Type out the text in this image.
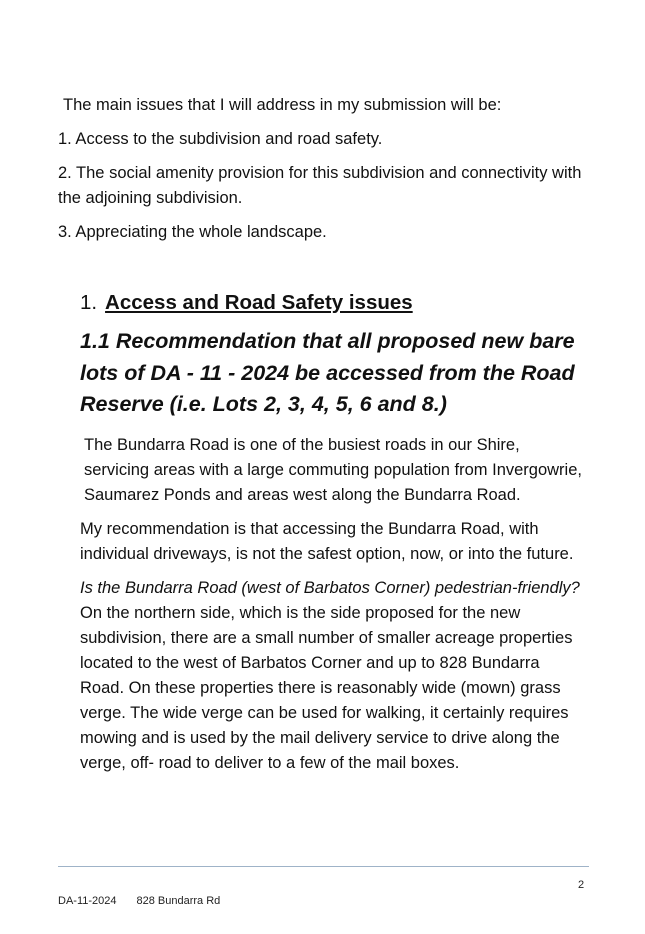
The main issues that I will address in my submission will be:

1. Access to the subdivision and road safety.

2. The social amenity provision for this subdivision and connectivity with the adjoining subdivision.

3. Appreciating the whole landscape.

1. Access and Road Safety issues
1.1 Recommendation that all proposed new bare lots of DA - 11 - 2024 be accessed from the Road Reserve (i.e. Lots 2, 3, 4, 5, 6 and 8.)

The Bundarra Road is one of the busiest roads in our Shire, servicing areas with a large commuting population from Invergowrie, Saumarez Ponds and areas west along the Bundarra Road.

My recommendation is that accessing the Bundarra Road, with individual driveways, is not the safest option, now, or into the future.

Is the Bundarra Road (west of Barbatos Corner) pedestrian-friendly?  On the northern side, which is the side proposed for the new subdivision, there are a small number of smaller acreage properties located to the west of Barbatos Corner and up to 828 Bundarra Road. On these properties there is reasonably wide (mown) grass verge. The wide verge can be used for walking, it certainly requires mowing and is used by the mail delivery service to drive along the verge, off- road to deliver to a few of the mail boxes.

2
DA-11-2024 828 Bundarra Rd
